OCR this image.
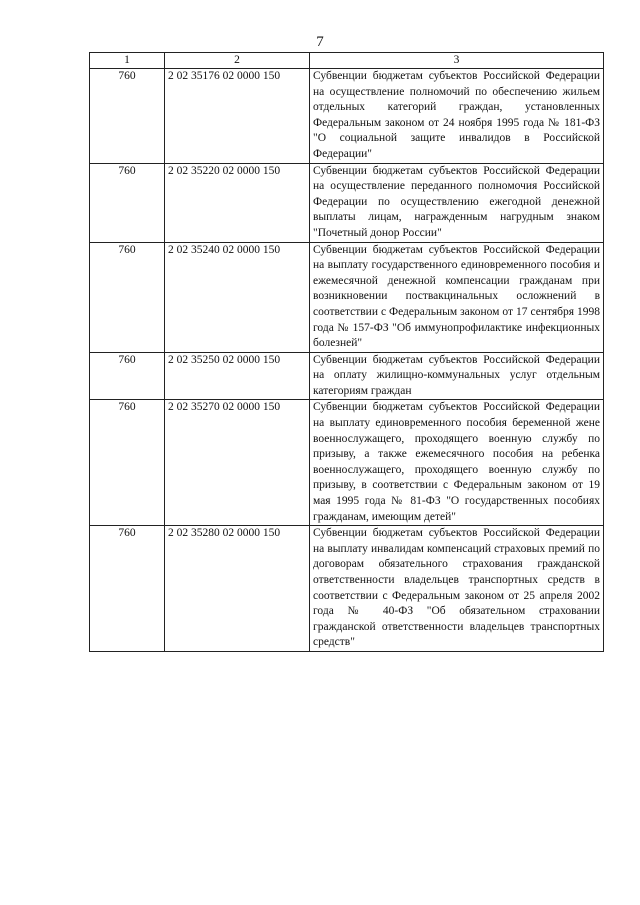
7
1	2	3
760	2 02 35176 02 0000 150	Субвенции бюджетам субъектов Российской Федерации на осуществление полномочий по обеспечению жильем отдельных категорий граждан, установленных Федеральным законом от 24 ноября 1995 года № 181-ФЗ "О социальной защите инвалидов в Российской Федерации"
760	2 02 35220 02 0000 150	Субвенции бюджетам субъектов Российской Федерации на осуществление переданного полномочия Российской Федерации по осуществлению ежегодной денежной выплаты лицам, награжденным нагрудным знаком "Почетный донор России"
760	2 02 35240 02 0000 150	Субвенции бюджетам субъектов Российской Федерации на выплату государственного единовременного пособия и ежемесячной денежной компенсации гражданам при возникновении поствакцинальных осложнений в соответствии с Федеральным законом от 17 сентября 1998 года № 157-ФЗ "Об иммунопрофилактике инфекционных болезней"
760	2 02 35250 02 0000 150	Субвенции бюджетам субъектов Российской Федерации на оплату жилищно-коммунальных услуг отдельным категориям граждан
760	2 02 35270 02 0000 150	Субвенции бюджетам субъектов Российской Федерации на выплату единовременного пособия беременной жене военнослужащего, проходящего военную службу по призыву, а также ежемесячного пособия на ребенка военнослужащего, проходящего военную службу по призыву, в соответствии с Федеральным законом от 19 мая 1995 года № 81-ФЗ "О государственных пособиях гражданам, имеющим детей"
760	2 02 35280 02 0000 150	Субвенции бюджетам субъектов Российской Федерации на выплату инвалидам компенсаций страховых премий по договорам обязательного страхования гражданской ответственности владельцев транспортных средств в соответствии с Федеральным законом от 25 апреля 2002 года № 40-ФЗ "Об обязательном страховании гражданской ответственности владельцев транспортных средств"
